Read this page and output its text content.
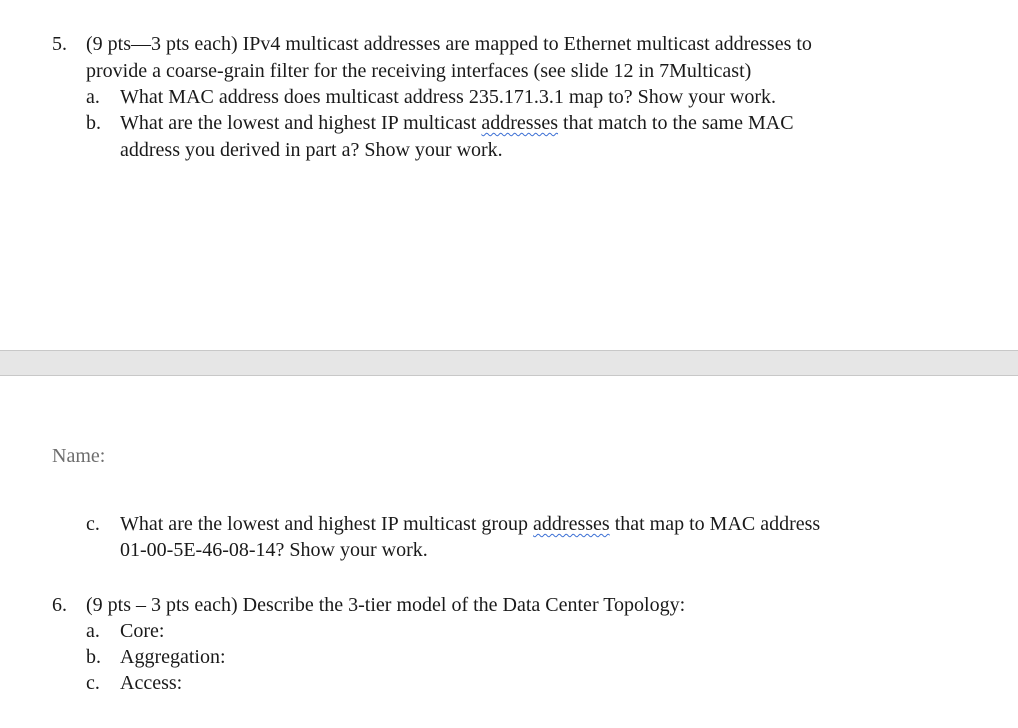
5. (9 pts—3 pts each) IPv4 multicast addresses are mapped to Ethernet multicast addresses to
provide a coarse-grain filter for the receiving interfaces (see slide 12 in 7Multicast)
a. What MAC address does multicast address 235.171.3.1 map to? Show your work.
b. What are the lowest and highest IP multicast addresses that match to the same MAC
address you derived in part a? Show your work.
Name:
c. What are the lowest and highest IP multicast group addresses that map to MAC address
01-00-5E-46-08-14? Show your work.
6. (9 pts – 3 pts each) Describe the 3-tier model of the Data Center Topology:
a. Core:
b. Aggregation:
c. Access:
